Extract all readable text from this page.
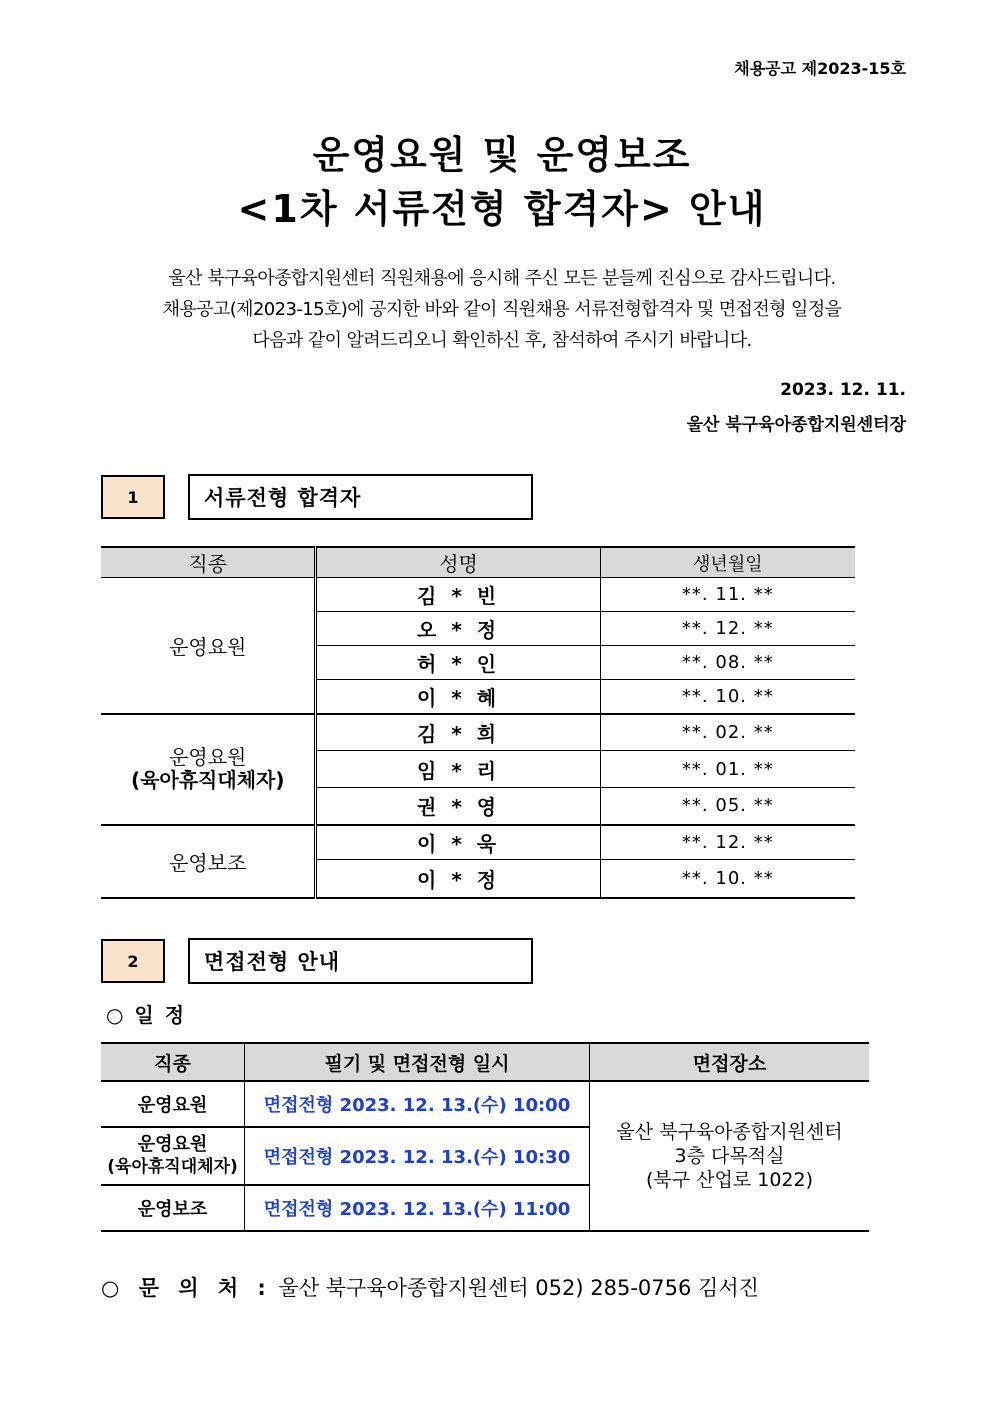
채용공고 제2023-15호
운영요원 및 운영보조
<1차 서류전형 합격자> 안내
울산 북구육아종합지원센터 직원채용에 응시해 주신 모든 분들께 진심으로 감사드립니다.
채용공고(제2023-15호)에 공지한 바와 같이 직원채용 서류전형합격자 및 면접전형 일정을
다음과 같이 알려드리오니 확인하신 후, 참석하여 주시기 바랍니다.
2023. 12. 11.
울산 북구육아종합지원센터장
1	서류전형 합격자
직종	성명	생년월일
운영요원	김 * 빈	**. 11. **
	오 * 정	**. 12. **
	허 * 인	**. 08. **
	이 * 혜	**. 10. **

운영요원
(육아휴직대체자)	김 * 희	**. 02. **
	임 * 리	**. 01. **
	권 * 영	**. 05. **
운영보조	이 * 욱	**. 12. **
	이 * 정	**. 10. **
2	면접전형 안내
○ 일 정
직종	필기 및 면접전형 일시	면접장소
운영요원	면접전형 2023. 12. 13.(수) 10:00	울산 북구육아종합지원센터
3층 다목적실
(북구 산업로 1022)

운영요원
(육아휴직대체자)	면접전형 2023. 12. 13.(수) 10:30	
운영보조	면접전형 2023. 12. 13.(수) 11:00	
○ 문 의 처 : 울산 북구육아종합지원센터 052) 285-0756 김서진
